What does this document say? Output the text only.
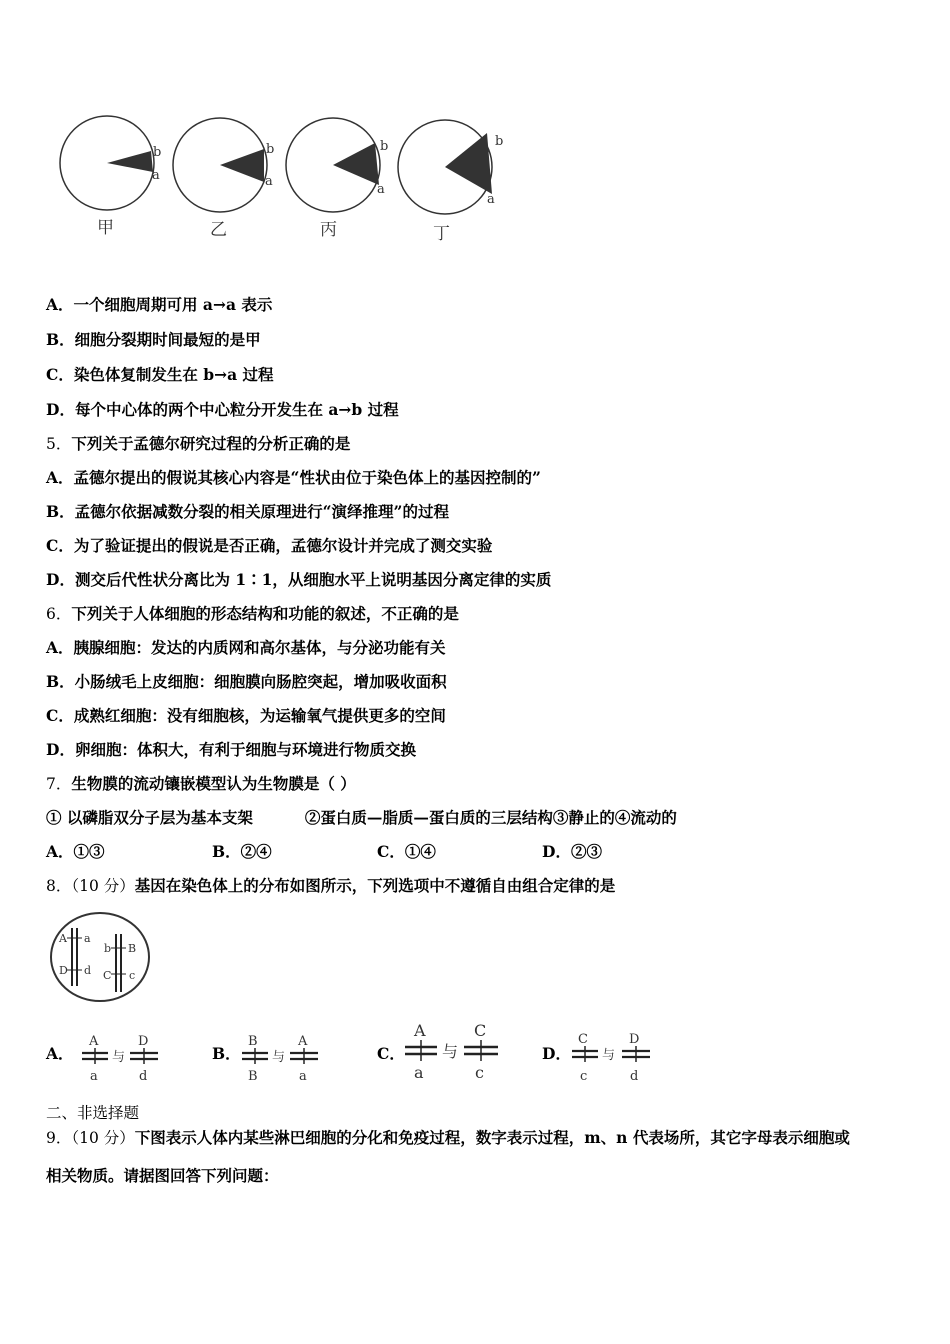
b
a
甲
b
a
乙
b
a
丙
b
a
丁
A．一个细胞周期可用 a→a 表示
B．细胞分裂期时间最短的是甲
C．染色体复制发生在 b→a 过程
D．每个中心体的两个中心粒分开发生在 a→b 过程
5．下列关于孟德尔研究过程的分析正确的是
A．孟德尔提出的假说其核心内容是“性状由位于染色体上的基因控制的”
B．孟德尔依据减数分裂的相关原理进行“演绎推理”的过程
C．为了验证提出的假说是否正确，孟德尔设计并完成了测交实验
D．测交后代性状分离比为 1∶1，从细胞水平上说明基因分离定律的实质
6．下列关于人体细胞的形态结构和功能的叙述，不正确的是
A．胰腺细胞：发达的内质网和高尔基体，与分泌功能有关
B．小肠绒毛上皮细胞：细胞膜向肠腔突起，增加吸收面积
C．成熟红细胞：没有细胞核，为运输氧气提供更多的空间
D．卵细胞：体积大，有利于细胞与环境进行物质交换
7．生物膜的流动镶嵌模型认为生物膜是（ ）
① 以磷脂双分子层为基本支架	②蛋白质—脂质—蛋白质的三层结构③静止的④流动的
A．①③	B．②④	C．①④	D．②③
8．（10 分）基因在染色体上的分布如图所示，下列选项中不遵循自由组合定律的是
A a
D d
b B
C c
A．
A
a
与
D
d
B．
B
B
与
A
a
C．
A
a
与
C
c
D．
C
c
与
D
d
二、非选择题
9．（10 分）下图表示人体内某些淋巴细胞的分化和免疫过程，数字表示过程，m、n 代表场所，其它字母表示细胞或
相关物质。请据图回答下列问题：
